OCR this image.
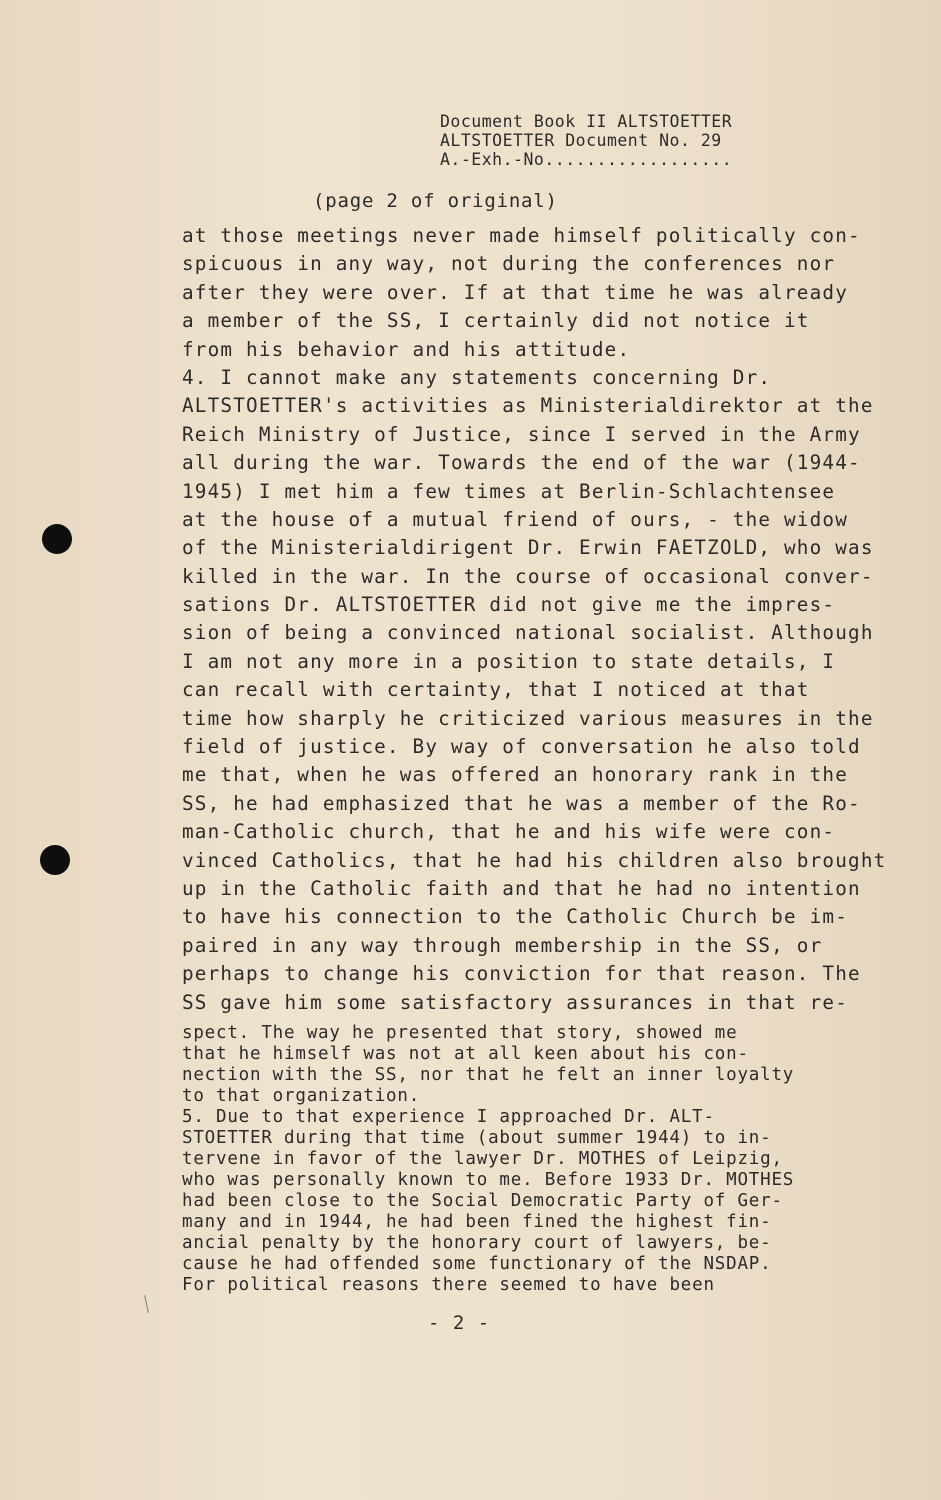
Document Book II ALTSTOETTER
ALTSTOETTER Document No. 29
A.-Exh.-No..................
(page 2 of original)
at those meetings never made himself politically con-
spicuous in any way, not during the conferences nor
after they were over. If at that time he was already
a member of the SS, I certainly did not notice it
from his behavior and his attitude.
4. I cannot make any statements concerning Dr.
ALTSTOETTER's activities as Ministerialdirektor at the
Reich Ministry of Justice, since I served in the Army
all during the war. Towards the end of the war (1944-
1945) I met him a few times at Berlin-Schlachtensee
at the house of a mutual friend of ours, - the widow
of the Ministerialdirigent Dr. Erwin FAETZOLD, who was
killed in the war. In the course of occasional conver-
sations Dr. ALTSTOETTER did not give me the impres-
sion of being a convinced national socialist. Although
I am not any more in a position to state details, I
can recall with certainty, that I noticed at that
time how sharply he criticized various measures in the
field of justice. By way of conversation he also told
me that, when he was offered an honorary rank in the
SS, he had emphasized that he was a member of the Ro-
man-Catholic church, that he and his wife were con-
vinced Catholics, that he had his children also brought
up in the Catholic faith and that he had no intention
to have his connection to the Catholic Church be im-
paired in any way through membership in the SS, or
perhaps to change his conviction for that reason. The
SS gave him some satisfactory assurances in that re-
spect. The way he presented that story, showed me
that he himself was not at all keen about his con-
nection with the SS, nor that he felt an inner loyalty
to that organization.
5. Due to that experience I approached Dr. ALT-
STOETTER during that time (about summer 1944) to in-
tervene in favor of the lawyer Dr. MOTHES of Leipzig,
who was personally known to me. Before 1933 Dr. MOTHES
had been close to the Social Democratic Party of Ger-
many and in 1944, he had been fined the highest fin-
ancial penalty by the honorary court of lawyers, be-
cause he had offended some functionary of the NSDAP.
For political reasons there seemed to have been
- 2 -
